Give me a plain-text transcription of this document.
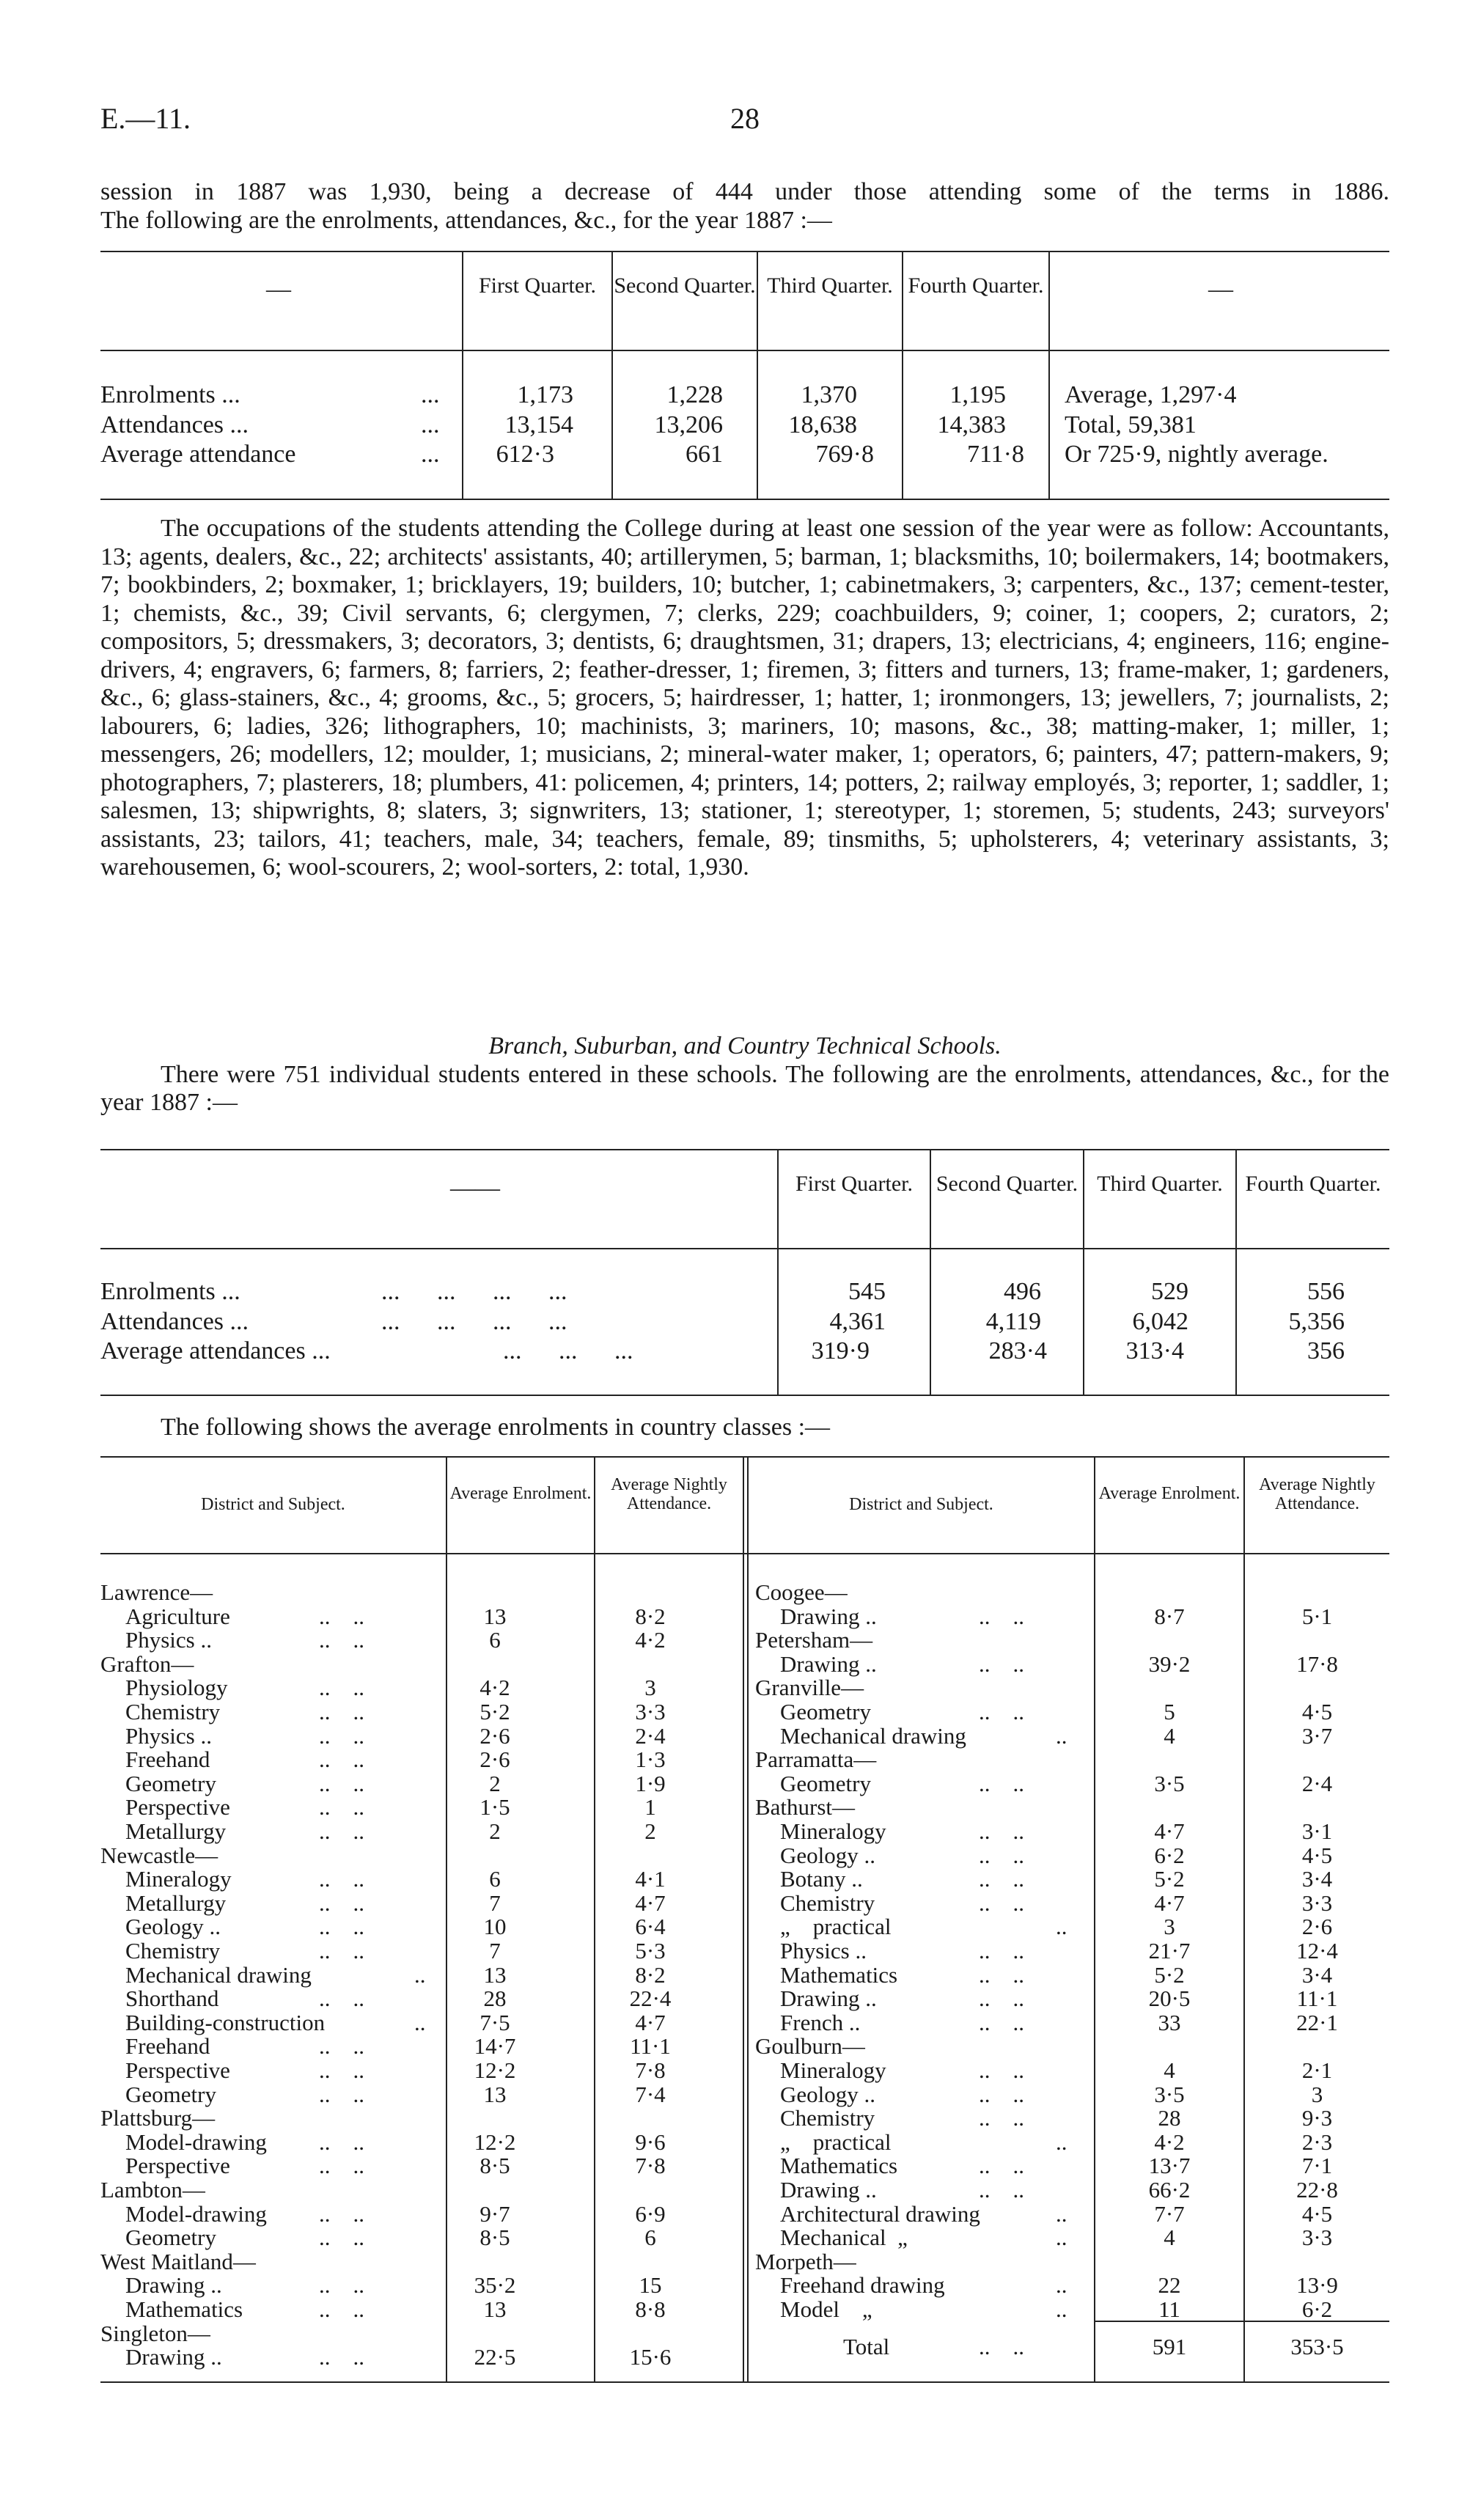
E.—11.	28

session in 1887 was 1,930, being a decrease of 444 under those attending some of the terms in 1886.

The following are the enrolments, attendances, &c., for the year 1887 :—

—	—
First Quarter. Second Quarter. Third Quarter. Fourth Quarter.
Enrolments ...	...	1,173	1,228	1,370	1,195 Average, 1,297·4
Attendances ...	...	13,154	13,206	18,638	14,383 Total, 59,381
Average attendance	...	612·3	661	769·8	711·8 Or 725·9, nightly average.

The occupations of the students attending the College during at least one session of the year were as follow: Accountants, 13; agents, dealers, &c., 22; architects' assistants, 40; artillerymen, 5; barman, 1; blacksmiths, 10; boilermakers, 14; bootmakers, 7; bookbinders, 2; boxmaker, 1; bricklayers, 19; builders, 10; butcher, 1; cabinetmakers, 3; carpenters, &c., 137; cement-tester, 1; chemists, &c., 39; Civil servants, 6; clergymen, 7; clerks, 229; coachbuilders, 9; coiner, 1; coopers, 2; curators, 2; compositors, 5; dressmakers, 3; decorators, 3; dentists, 6; draughtsmen, 31; drapers, 13; electricians, 4; engineers, 116; engine-drivers, 4; engravers, 6; farmers, 8; farriers, 2; feather-dresser, 1; firemen, 3; fitters and turners, 13; frame-maker, 1; gardeners, &c., 6; glass-stainers, &c., 4; grooms, &c., 5; grocers, 5; hairdresser, 1; hatter, 1; ironmongers, 13; jewellers, 7; journalists, 2; labourers, 6; ladies, 326; lithographers, 10; machinists, 3; mariners, 10; masons, &c., 38; matting-maker, 1; miller, 1; messengers, 26; modellers, 12; moulder, 1; musicians, 2; mineral-water maker, 1; operators, 6; painters, 47; pattern-makers, 9; photographers, 7; plasterers, 18; plumbers, 41: policemen, 4; printers, 14; potters, 2; railway employés, 3; reporter, 1; saddler, 1; salesmen, 13; shipwrights, 8; slaters, 3; signwriters, 13; stationer, 1; stereotyper, 1; storemen, 5; students, 243; surveyors' assistants, 23; tailors, 41; teachers, male, 34; teachers, female, 89; tinsmiths, 5; upholsterers, 4; veterinary assistants, 3; warehousemen, 6; wool-scourers, 2; wool-sorters, 2: total, 1,930.

Branch, Suburban, and Country Technical Schools.

There were 751 individual students entered in these schools. The following are the enrolments, attendances, &c., for the year 1887 :—

——	First Quarter.	Second Quarter. Third Quarter.	Fourth Quarter.
Enrolments ...	... ... ... ...	545	496	529	556
Attendances ...	... ... ... ...	4,361	4,119	6,042	5,356
Average attendances ...	... ... ...	319·9	283·4	313·4	356
The following shows the average enrolments in country classes :—
District and Subject.
Average Enrolment.	Average Nightly Attendance.	District and Subject.
Average Enrolment.	Average Nightly Attendance.
Lawrence—
Agriculture	..    ..	13	8·2
Physics ..	..    ..	6	4·2
Grafton—
Physiology	..    ..	4·2	3
Chemistry	..    ..	5·2	3·3
Physics ..	..    ..	2·6	2·4
Freehand	..    ..	2·6	1·3
Geometry	..    ..	2	1·9
Perspective	..    ..	1·5	1
Metallurgy	..    ..	2	2
Newcastle—
Mineralogy	..    ..	6	4·1
Metallurgy	..    ..	7	4·7
Geology ..	..    ..	10	6·4
Chemistry	..    ..	7	5·3
Mechanical drawing	..	13	8·2
Shorthand	..    ..	28	22·4
Building-construction	..	7·5	4·7
Freehand	..    ..	14·7	11·1
Perspective	..    ..	12·2	7·8
Geometry	..    ..	13	7·4
Plattsburg—
Model-drawing ..    ..	12·2	9·6
Perspective	..    ..	8·5	7·8
Lambton—
Model-drawing ..    ..	9·7	6·9
Geometry	..    ..	8·5	6
West Maitland—
Drawing ..	..    ..	35·2	15
Mathematics	..    ..	13	8·8
Singleton—
Drawing ..	..    ..	22·5	15·6
Coogee—
Drawing ..	..    ..	8·7	5·1
Petersham—
Drawing ..	..    ..	39·2	17·8
Granville—
Geometry	..    ..	5	4·5
Mechanical drawing	..	4	3·7
Parramatta—
Geometry	..    ..	3·5	2·4
Bathurst—
Mineralogy	..    ..	4·7	3·1
Geology ..	..    ..	6·2	4·5
Botany ..	..    ..	5·2	3·4
Chemistry	..    ..	4·7	3·3
„    practical	..	3	2·6
Physics ..	..    ..	21·7	12·4
Mathematics	..    ..	5·2	3·4
Drawing ..	..    ..	20·5	11·1
French ..	..    ..	33	22·1
Goulburn—
Mineralogy	..    ..	4	2·1
Geology ..	..    ..	3·5	3
Chemistry	..    ..	28	9·3
„    practical	..	4·2	2·3
Mathematics	..    ..	13·7	7·1
Drawing ..	..    ..	66·2	22·8
Architectural drawing	..	7·7	4·5
Mechanical  „	..	4	3·3
Morpeth—
Freehand drawing	..	22	13·9
Model    „	..	11	6·2
Total	..    ..	591	353·5
